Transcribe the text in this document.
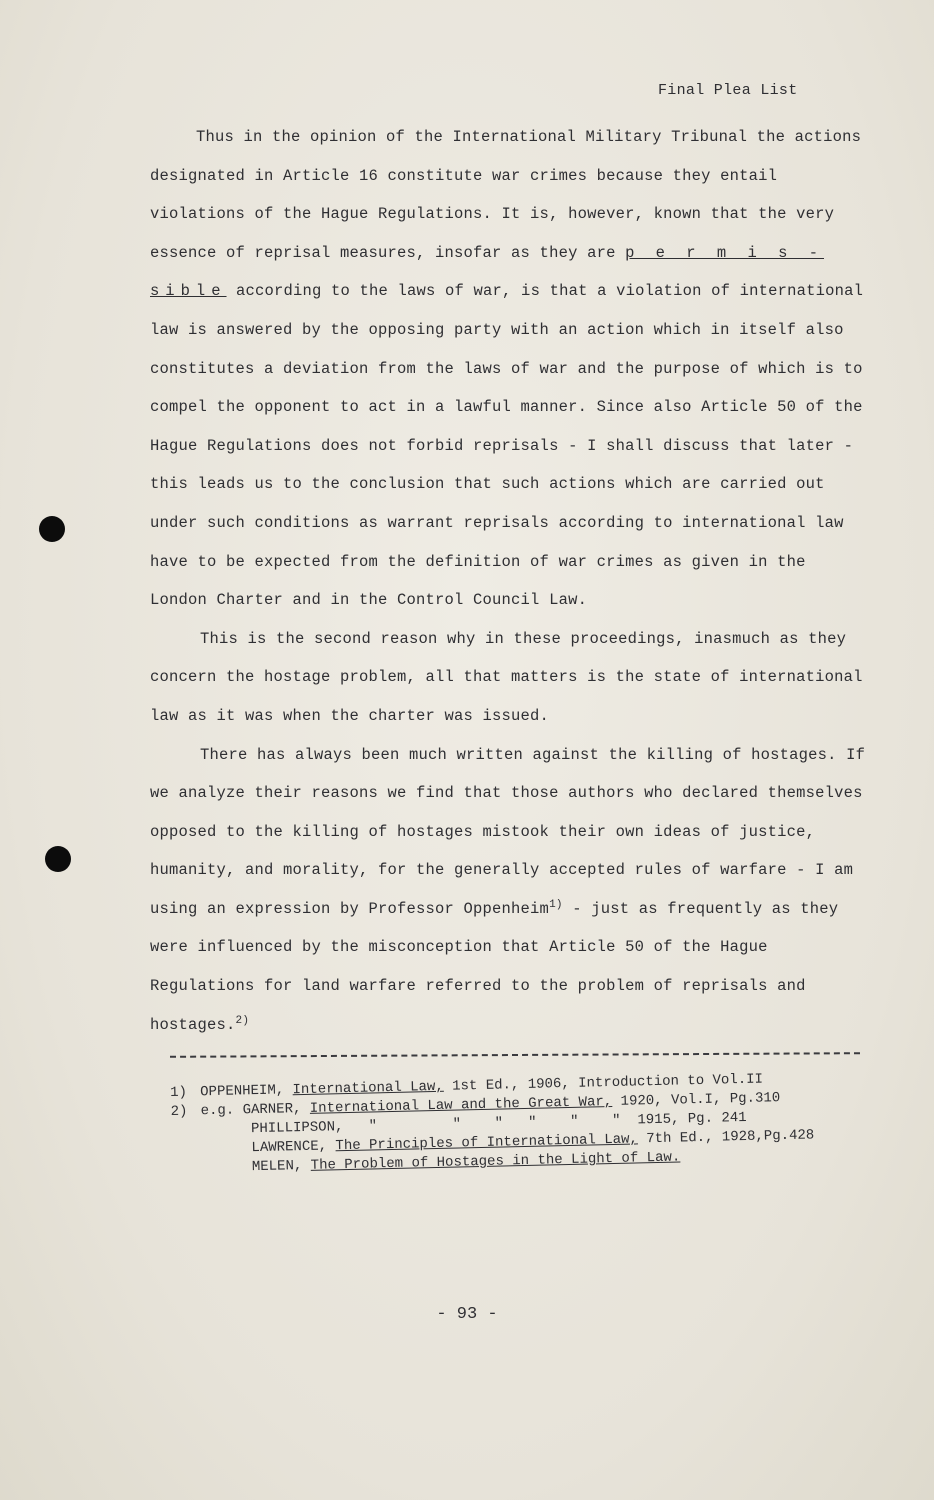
Final Plea List

Thus in the opinion of the International Military Tribunal the actions designated in Article 16 constitute war crimes because they entail violations of the Hague Regulations. It is, however, known that the very essence of reprisal measures, insofar as they are p e r m i s - sible according to the laws of war, is that a violation of international law is answered by the opposing party with an action which in itself also constitutes a deviation from the laws of war and the purpose of which is to compel the opponent to act in a lawful manner. Since also Article 50 of the Hague Regulations does not forbid reprisals - I shall discuss that later - this leads us to the conclusion that such actions which are carried out under such conditions as warrant reprisals according to international law have to be expected from the definition of war crimes as given in the London Charter and in the Control Council Law.

This is the second reason why in these proceedings, inasmuch as they concern the hostage problem, all that matters is the state of international law as it was when the charter was issued.

There has always been much written against the killing of hostages. If we analyze their reasons we find that those authors who declared themselves opposed to the killing of hostages mistook their own ideas of justice, humanity, and morality, for the generally accepted rules of warfare - I am using an expression by Professor Oppenheim$^{1)}$ - just as frequently as they were influenced by the misconception that Article 50 of the Hague Regulations for land warfare referred to the problem of reprisals and hostages.$^{2)}$

1) OPPENHEIM, International Law, 1st Ed., 1906, Introduction to Vol.II
2) e.g. GARNER, International Law and the Great War, 1920, Vol.I, Pg.310
PHILLIPSON,   "         "    "   "    "    "  1915, Pg. 241
LAWRENCE, The Principles of International Law, 7th Ed., 1928,Pg.428
MELEN, The Problem of Hostages in the Light of Law.
- 93 -
